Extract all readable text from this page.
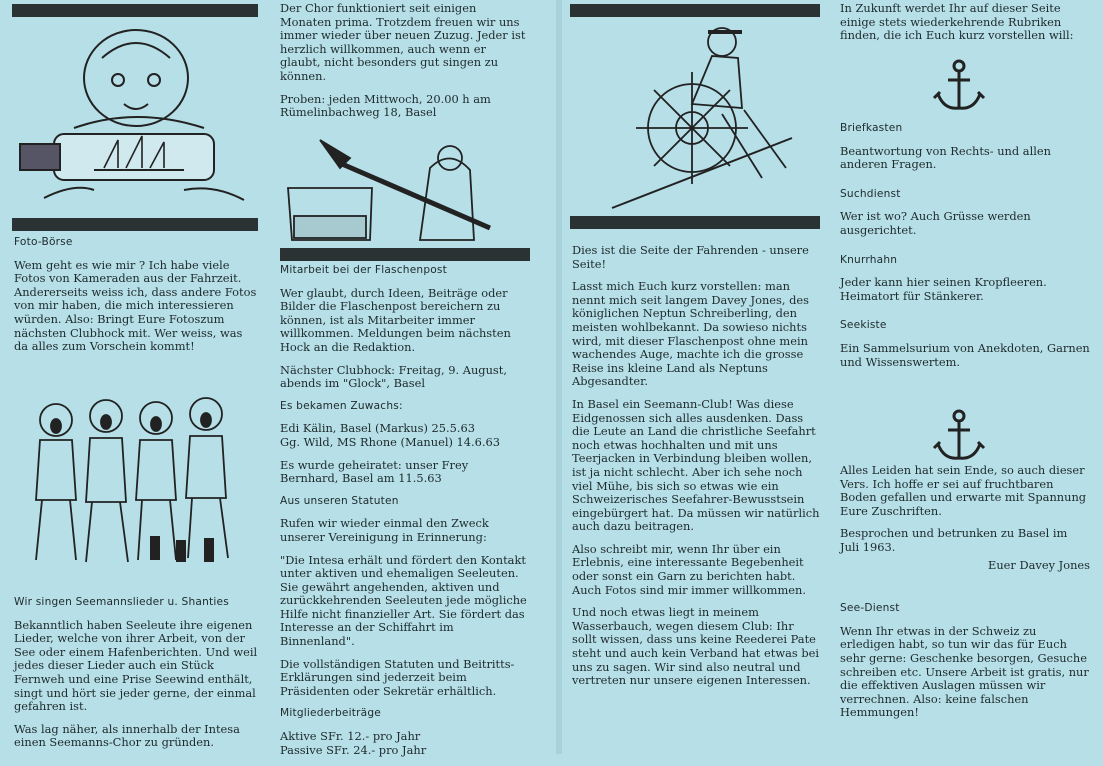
Foto-Börse

Wem geht es wie mir ? Ich habe viele Fotos von Kameraden aus der Fahrzeit. Andererseits weiss ich, dass andere Fotos von mir haben, die mich interessieren würden. Also: Bringt Eure Fotoszum nächsten Clubhock mit. Wer weiss, was da alles zum Vorschein kommt!

Wir singen Seemannslieder u. Shanties

Bekanntlich haben Seeleute ihre eigenen Lieder, welche von ihrer Arbeit, von der See oder einem Hafenberichten. Und weil jedes dieser Lieder auch ein Stück Fernweh und eine Prise Seewind enthält, singt und hört sie jeder gerne, der einmal gefahren ist.

Was lag näher, als innerhalb der Intesa einen Seemanns-Chor zu gründen.

Der Chor funktioniert seit einigen Monaten prima. Trotzdem freuen wir uns immer wieder über neuen Zuzug. Jeder ist herzlich willkommen, auch wenn er glaubt, nicht besonders gut singen zu können.

Proben: jeden Mittwoch, 20.00 h am Rümelinbachweg 18, Basel

Mitarbeit bei der Flaschenpost

Wer glaubt, durch Ideen, Beiträge oder Bilder die Flaschenpost bereichern zu können, ist als Mitarbeiter immer willkommen. Meldungen beim nächsten Hock an die Redaktion.

Nächster Clubhock: Freitag, 9. August, abends im "Glock", Basel

Es bekamen Zuwachs:

Edi Kälin, Basel (Markus) 25.5.63

Gg. Wild, MS Rhone (Manuel) 14.6.63

Es wurde geheiratet: unser Frey Bernhard, Basel am 11.5.63

Aus unseren Statuten

Rufen wir wieder einmal den Zweck unserer Vereinigung in Erinnerung:

"Die Intesa erhält und fördert den Kontakt unter aktiven und ehemaligen Seeleuten. Sie gewährt angehenden, aktiven und zurückkehrenden Seeleuten jede mögliche Hilfe nicht finanzieller Art. Sie fördert das Interesse an der Schiffahrt im Binnenland".

Die vollständigen Statuten und Beitritts-Erklärungen sind jederzeit beim Präsidenten oder Sekretär erhältlich.

Mitgliederbeiträge

Aktive SFr. 12.- pro Jahr

Passive SFr. 24.- pro Jahr

Dies ist die Seite der Fahrenden - unsere Seite!

Lasst mich Euch kurz vorstellen: man nennt mich seit langem Davey Jones, des königlichen Neptun Schreiberling, den meisten wohlbekannt. Da sowieso nichts wird, mit dieser Flaschenpost ohne mein wachendes Auge, machte ich die grosse Reise ins kleine Land als Neptuns Abgesandter.

In Basel ein Seemann-Club! Was diese Eidgenossen sich alles ausdenken. Dass die Leute an Land die christliche Seefahrt noch etwas hochhalten und mit uns Teerjacken in Verbindung bleiben wollen, ist ja nicht schlecht. Aber ich sehe noch viel Mühe, bis sich so etwas wie ein Schweizerisches Seefahrer-Bewusstsein eingebürgert hat. Da müssen wir natürlich auch dazu beitragen.

Also schreibt mir, wenn Ihr über ein Erlebnis, eine interessante Begebenheit oder sonst ein Garn zu berichten habt. Auch Fotos sind mir immer willkommen.

Und noch etwas liegt in meinem Wasserbauch, wegen diesem Club: Ihr sollt wissen, dass uns keine Reederei Pate steht und auch kein Verband hat etwas bei uns zu sagen. Wir sind also neutral und vertreten nur unsere eigenen Interessen.

In Zukunft werdet Ihr auf dieser Seite einige stets wiederkehrende Rubriken finden, die ich Euch kurz vorstellen will:

Briefkasten

Beantwortung von Rechts- und allen anderen Fragen.

Suchdienst

Wer ist wo? Auch Grüsse werden ausgerichtet.

Knurrhahn

Jeder kann hier seinen Kropfleeren. Heimatort für Stänkerer.

Seekiste

Ein Sammelsurium von Anekdoten, Garnen und Wissenswertem.

Alles Leiden hat sein Ende, so auch dieser Vers. Ich hoffe er sei auf fruchtbaren Boden gefallen und erwarte mit Spannung Eure Zuschriften.

Besprochen und betrunken zu Basel im Juli 1963.

Euer Davey Jones

See-Dienst

Wenn Ihr etwas in der Schweiz zu erledigen habt, so tun wir das für Euch sehr gerne: Geschenke besorgen, Gesuche schreiben etc. Unsere Arbeit ist gratis, nur die effektiven Auslagen müssen wir verrechnen. Also: keine falschen Hemmungen!
